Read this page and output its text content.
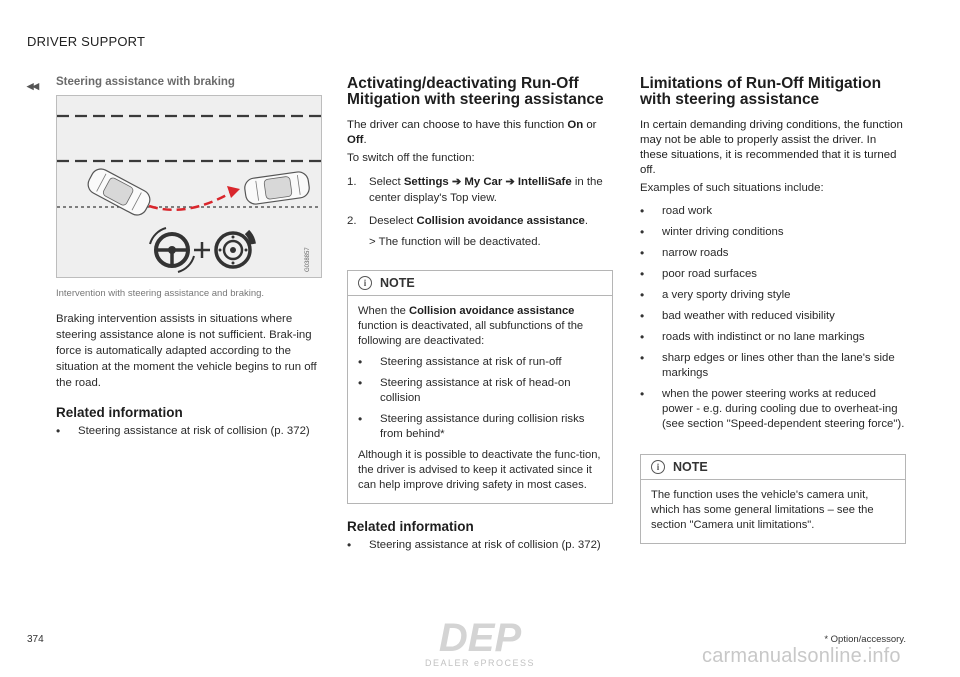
DRIVER SUPPORT
◂◂ Steering assistance with braking
G038857
Intervention with steering assistance and braking.

Braking intervention assists in situations where steering assistance alone is not sufficient. Brak-ing force is automatically adapted according to the situation at the moment the vehicle begins to run off the road.

Related information
• Steering assistance at risk of collision (p. 372)
Activating/deactivating Run-Off Mitigation with steering assistance

The driver can choose to have this function On or Off.

To switch off the function:

1. Select Settings ➔ My Car ➔ IntelliSafe in the center display's Top view.
2. Deselect Collision avoidance assistance.
> The function will be deactivated.
i	NOTE

When the Collision avoidance assistance function is deactivated, all subfunctions of the following are deactivated:

• Steering assistance at risk of run-off
• Steering assistance at risk of head-on collision
• Steering assistance during collision risks from behind*

Although it is possible to deactivate the func-tion, the driver is advised to keep it activated since it can help improve driving safety in most cases.

Related information
• Steering assistance at risk of collision (p. 372)
Limitations of Run-Off Mitigation with steering assistance

In certain demanding driving conditions, the function may not be able to properly assist the driver. In these situations, it is recommended that it is turned off.

Examples of such situations include:

• road work
• winter driving conditions
• narrow roads
• poor road surfaces
• a very sporty driving style
• bad weather with reduced visibility
• roads with indistinct or no lane markings
• sharp edges or lines other than the lane's side markings
• when the power steering works at reduced power - e.g. during cooling due to overheat-ing (see section "Speed-dependent steering force").
i	NOTE

The function uses the vehicle's camera unit, which has some general limitations – see the section "Camera unit limitations".

374	* Option/accessory.
DEP
DEALER ePROCESS	carmanualsonline.info
